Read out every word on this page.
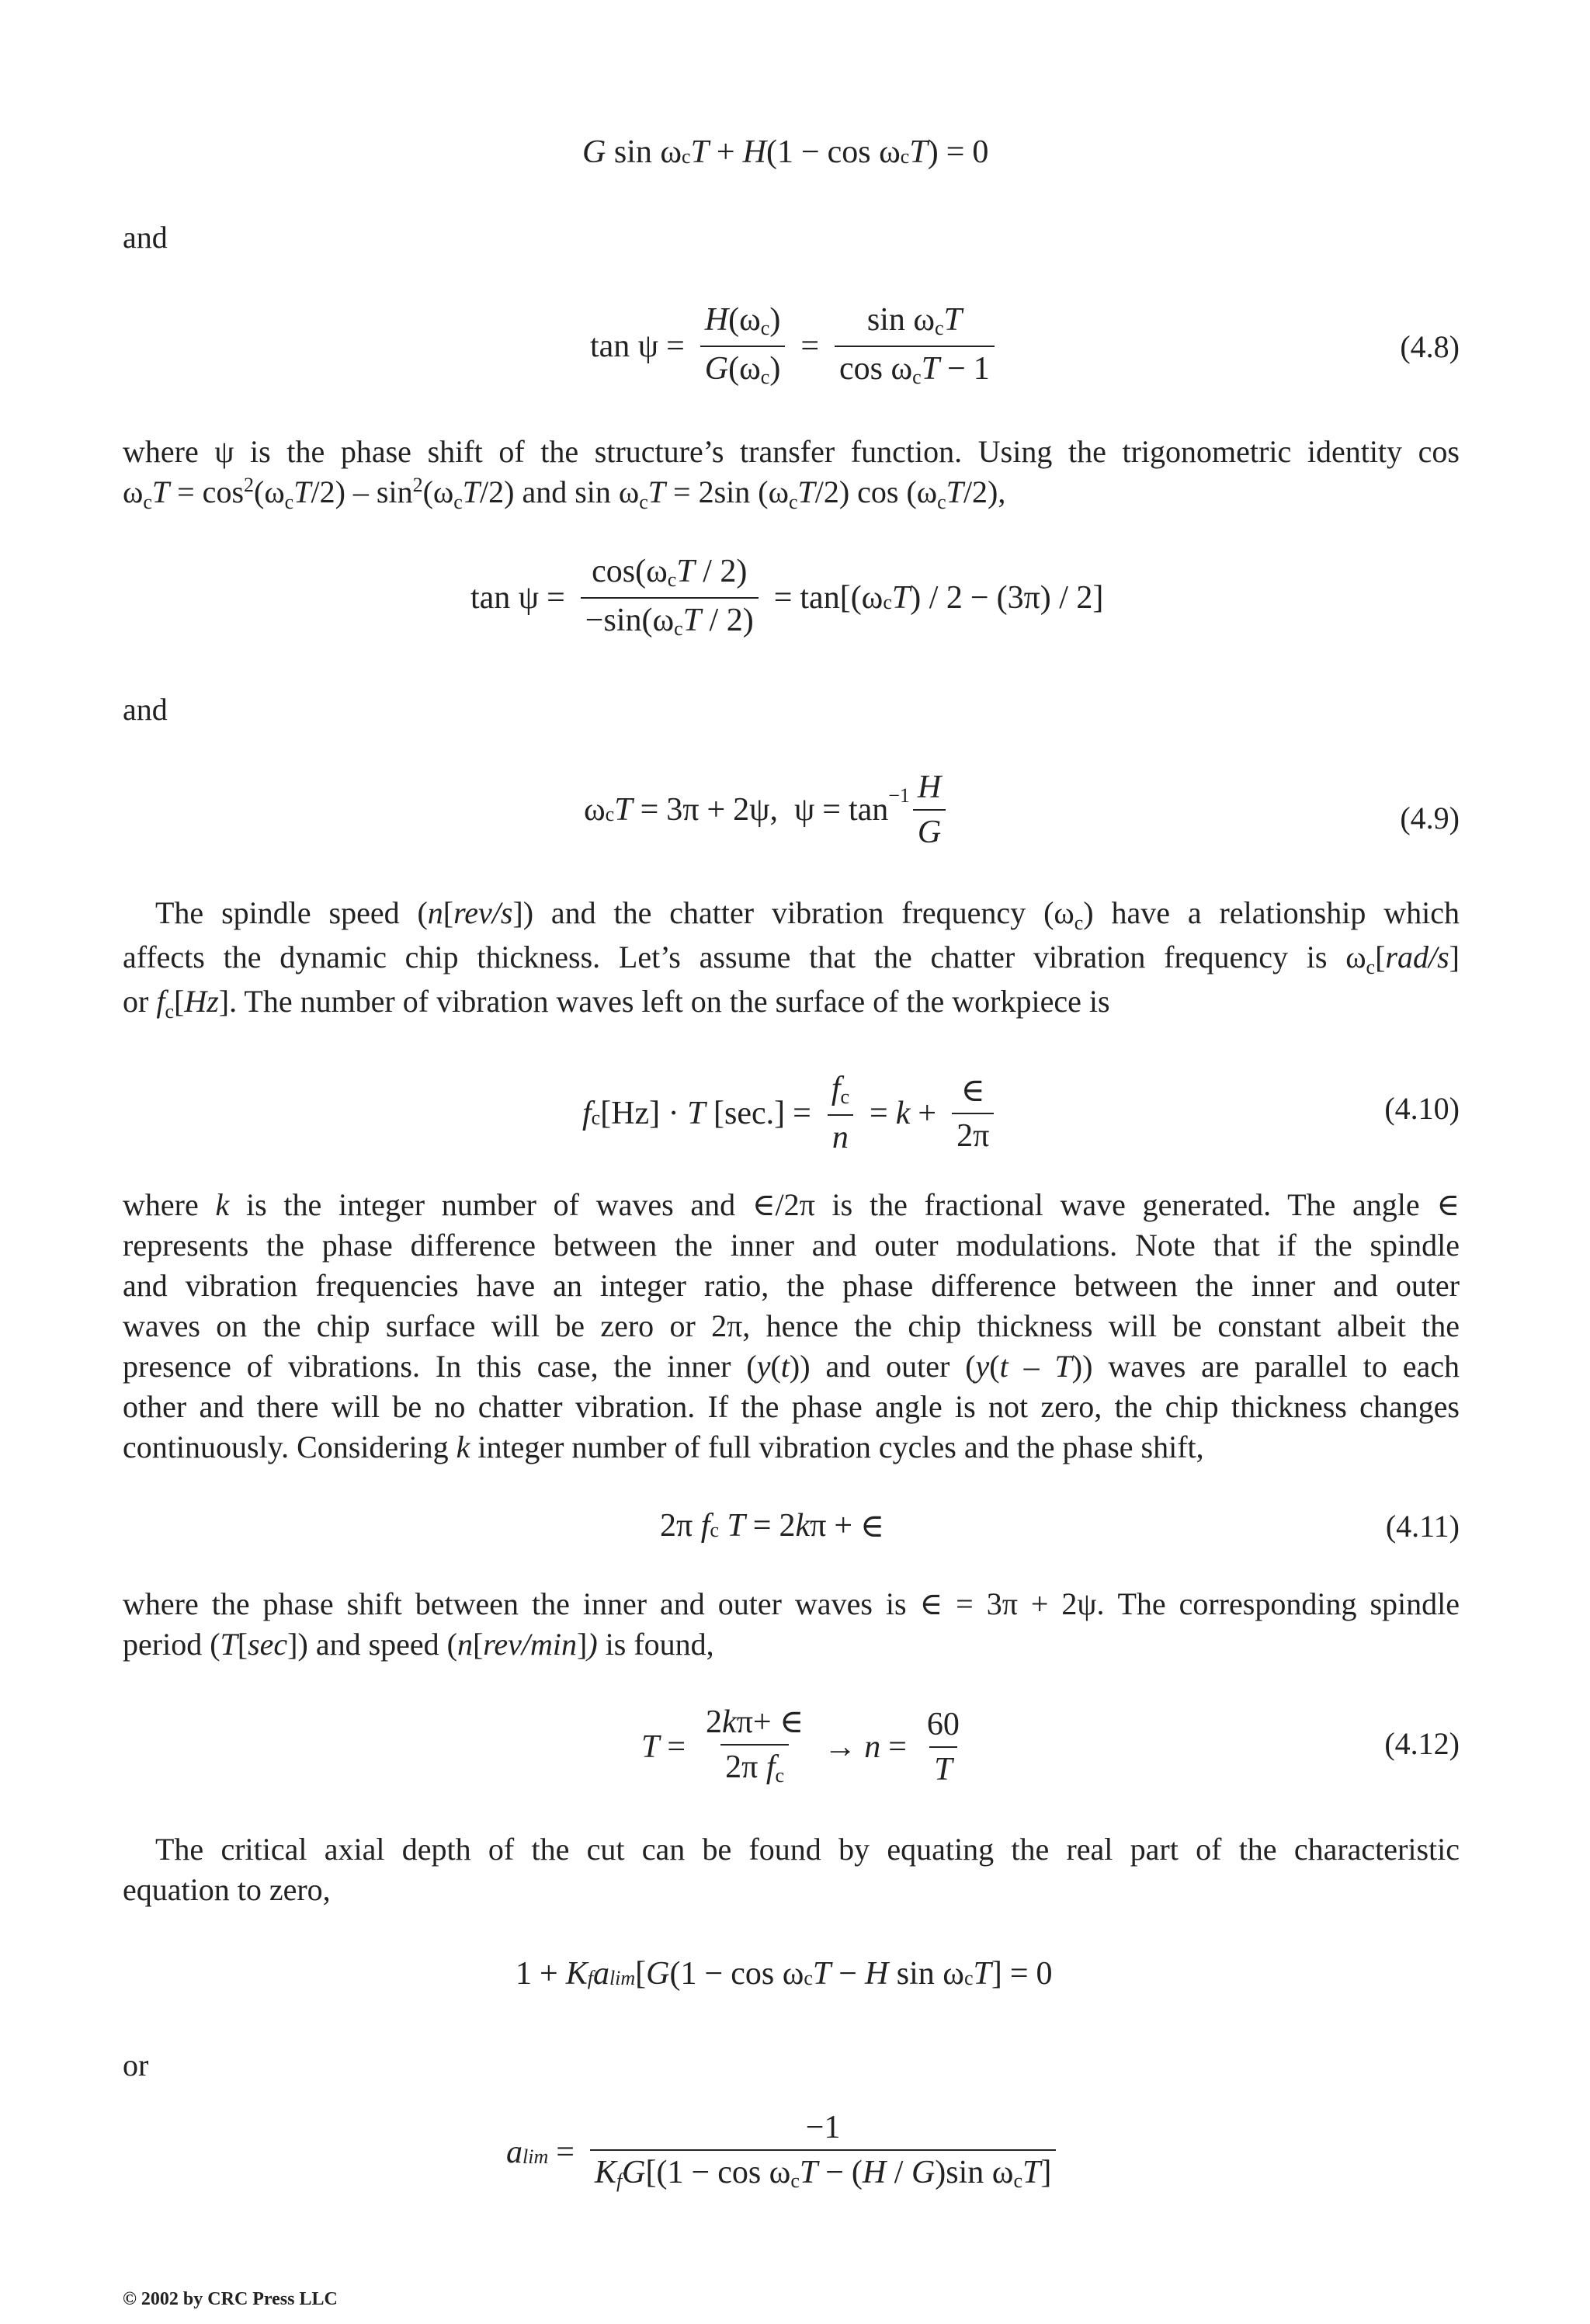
G $\sin \omega_c$ T + H ($1 - \cos \omega_c$ T ) = 0
and
$\tan \psi = \frac{H(\omega_c)}{G(\omega_c)} = \frac{\sin \omega_cT}{\cos \omega_cT - 1}$	(4.8)
where ψ is the phase shift of the structure’s transfer function. Using the trigonometric identity cos
$\omega_cT = \cos^2(\omega_cT/2) - \sin^2(\omega_cT/2)$ and $\sin \omega_cT = 2\sin$ $(\omega_cT/2)$ $\cos (\omega_cT/2)$,
$\tan \psi = \frac{\cos(\omega_cT / 2)}{-\sin(\omega_cT / 2)} = \tan[(\omega_c$ T ) / 2 − (3π) / 2]
and
$\omega_c$ T = 3π + 2ψ,  $\psi = \tan^{-1} \frac{H}{G}$	(4.9)
The spindle speed (n[rev/s]) and the chatter vibration frequency $(\omega_c)$ have a relationship which
affects the dynamic chip thickness. Let’s assume that the chatter vibration frequency is $\omega_c[rad/s]$
or $f_c[Hz]$. The number of vibration waves left on the surface of the workpiece is
$f_c$ [Hz] · T $[\sec.] = \frac{f_c}{n} = k + \frac{\in}{2\pi}$	(4.10)
where k is the integer number of waves and ∈/2π is the fractional wave generated. The angle ∈
represents the phase difference between the inner and outer modulations. Note that if the spindle
and vibration frequencies have an integer ratio, the phase difference between the inner and outer
waves on the chip surface will be zero or 2π, hence the chip thickness will be constant albeit the
presence of vibrations. In this case, the inner (y(t)) and outer (y(t – T)) waves are parallel to each
other and there will be no chatter vibration. If the phase angle is not zero, the chip thickness changes
continuously. Considering k integer number of full vibration cycles and the phase shift,
2π $f_c$
T = 2 k π + ∈	(4.11)
where the phase shift between the inner and outer waves is ∈ = 3π + 2ψ. The corresponding spindle
period (T[sec]) and speed (n[rev/min]) is found,
$T = \frac{2k\pi+ \in}{2\pi f_c} \to n = \frac{60}{T}$	(4.12)
The critical axial depth of the cut can be found by equating the real part of the characteristic
equation to zero,
$1 + K_f$ $a_{lim}$ [ G ($1 - \cos \omega_c$ T − H $\sin \omega_c$ T ] = 0
or
$a_{lim} = \frac{-1}{K_fG[(1 - \cos \omega_cT - (H / G)\sin \omega_cT]}$
© 2002 by CRC Press LLC
